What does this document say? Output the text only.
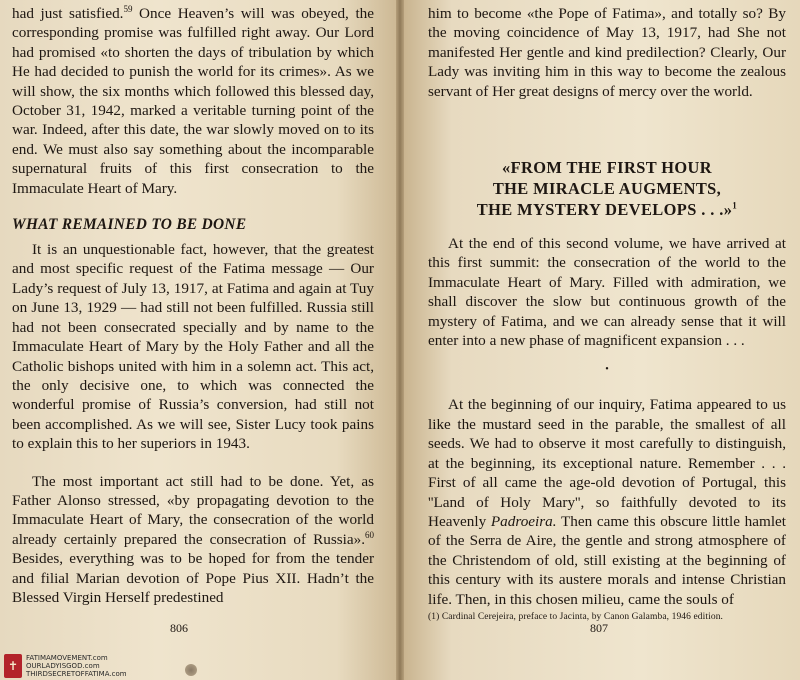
had just satisfied.$^{59}$ Once Heaven’s will was obeyed, the corresponding promise was fulfilled right away. Our Lord had promised «to shorten the days of tribulation by which He had decided to punish the world for its crimes». As we will show, the six months which followed this blessed day, October 31, 1942, marked a veritable turning point of the war. Indeed, after this date, the war slowly moved on to its end. We must also say something about the incomparable supernatural fruits of this first consecration to the Immaculate Heart of Mary.

WHAT REMAINED TO BE DONE

It is an unquestionable fact, however, that the greatest and most specific request of the Fatima message — Our Lady’s request of July 13, 1917, at Fatima and again at Tuy on June 13, 1929 — had still not been fulfilled. Russia still had not been consecrated specially and by name to the Immaculate Heart of Mary by the Holy Father and all the Catholic bishops united with him in a solemn act. This act, the only decisive one, to which was connected the wonderful promise of Russia’s conversion, had still not been accomplished. As we will see, Sister Lucy took pains to explain this to her superiors in 1943.

The most important act still had to be done. Yet, as Father Alonso stressed, «by propagating devotion to the Immaculate Heart of Mary, the consecration of the world already certainly prepared the consecration of Russia».$^{60}$ Besides, everything was to be hoped for from the tender and filial Marian devotion of Pope Pius XII. Hadn’t the Blessed Virgin Herself predestined

806

him to become «the Pope of Fatima», and totally so? By the moving coincidence of May 13, 1917, had She not manifested Her gentle and kind predilection? Clearly, Our Lady was inviting him in this way to become the zealous servant of Her great designs of mercy over the world.

«FROM THE FIRST HOUR
THE MIRACLE AUGMENTS,
THE MYSTERY DEVELOPS . . .»$^1$

At the end of this second volume, we have arrived at this first summit: the consecration of the world to the Immaculate Heart of Mary. Filled with admiration, we shall discover the slow but continuous growth of the mystery of Fatima, and we can already sense that it will enter into a new phase of magnificent expansion . . .

•

At the beginning of our inquiry, Fatima appeared to us like the mustard seed in the parable, the smallest of all seeds. We had to observe it most carefully to distinguish, at the beginning, its exceptional nature. Remember . . . First of all came the age-old devotion of Portugal, this ''Land of Holy Mary'', so faithfully devoted to its Heavenly Padroeira. Then came this obscure little hamlet of the Serra de Aire, the gentle and strong atmosphere of the Christendom of old, still existing at the beginning of this century with its austere morals and intense Christian life. Then, in this chosen milieu, came the souls of

(1) Cardinal Cerejeira, preface to Jacinta, by Canon Galamba, 1946 edition.
807
✝
FATIMAMOVEMENT.com
OURLADYISGOD.com
THIRDSECRETOFFATIMA.com
